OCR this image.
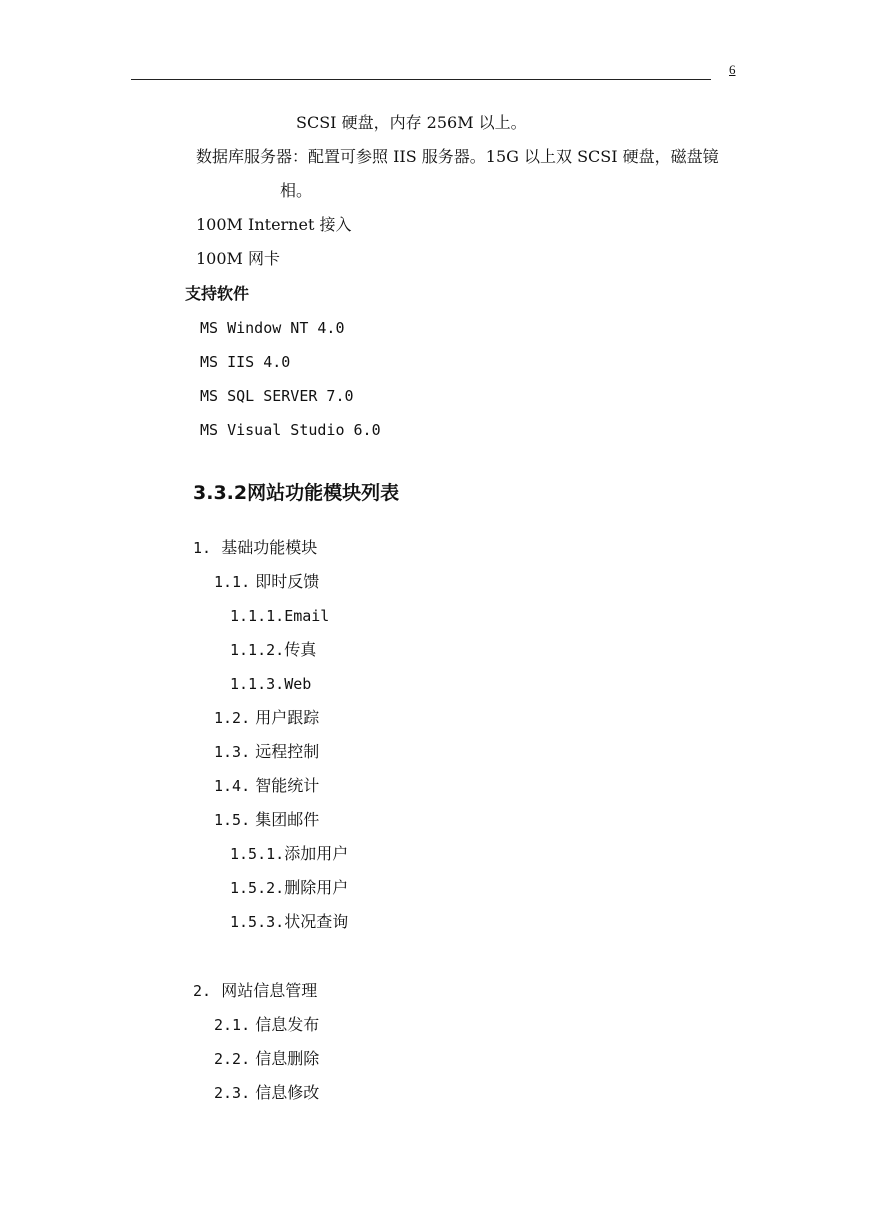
6
SCSI 硬盘，内存 256M 以上。
数据库服务器：配置可参照 IIS 服务器。15G 以上双 SCSI 硬盘，磁盘镜
相。
100M Internet 接入
100M 网卡
支持软件
MS Window NT 4.0
MS IIS 4.0
MS SQL SERVER 7.0
MS Visual Studio 6.0
3.3.2网站功能模块列表
1. 基础功能模块
1.1. 即时反馈
1.1.1.Email
1.1.2.传真
1.1.3.Web
1.2. 用户跟踪
1.3. 远程控制
1.4. 智能统计
1.5. 集团邮件
1.5.1.添加用户
1.5.2.删除用户
1.5.3.状况查询
2. 网站信息管理
2.1. 信息发布
2.2. 信息删除
2.3. 信息修改
